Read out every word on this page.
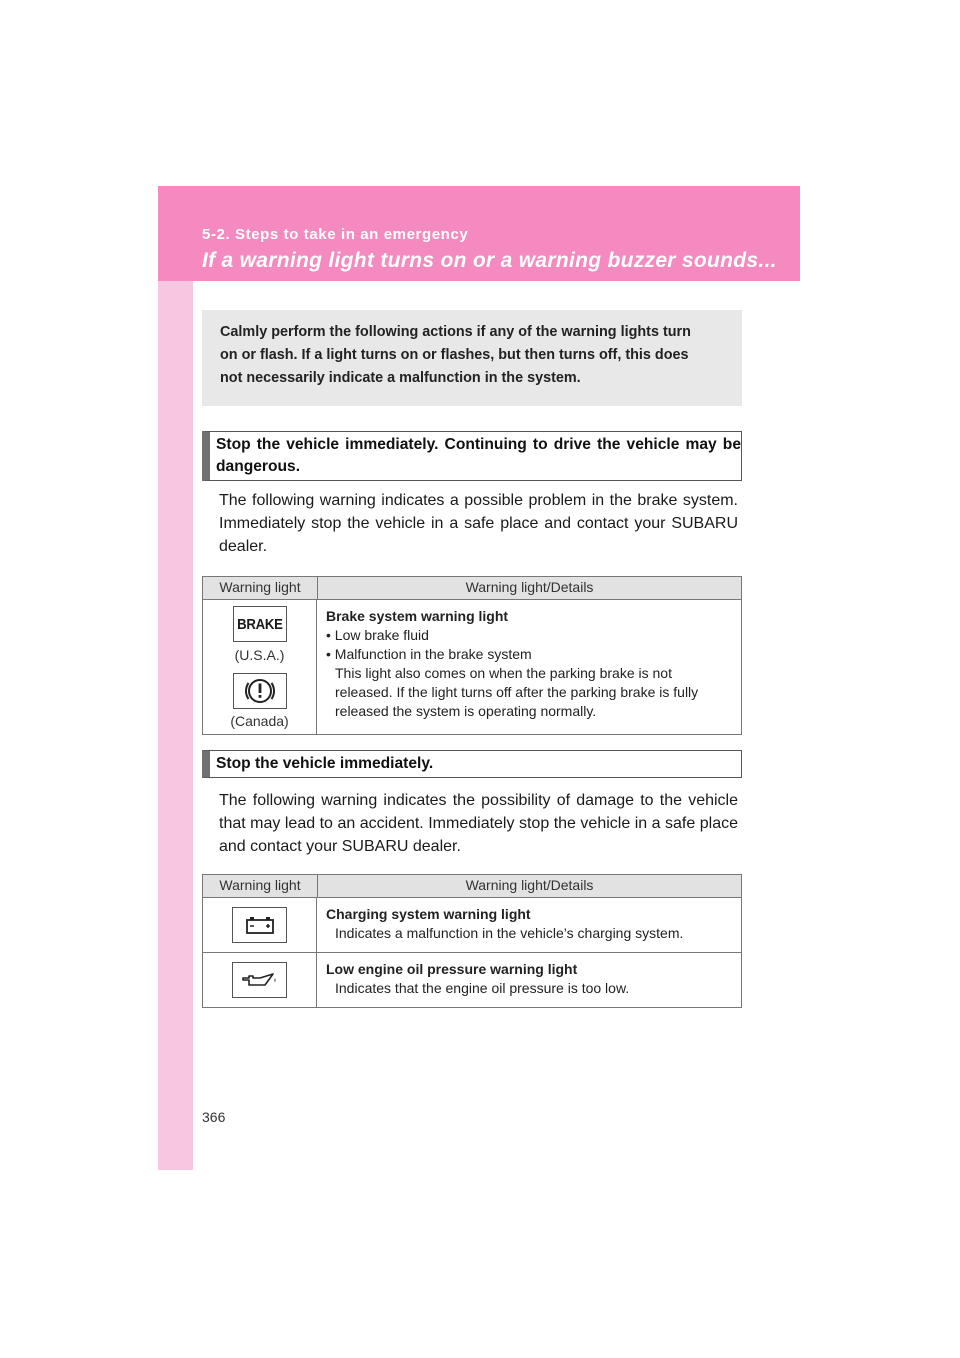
5-2. Steps to take in an emergency
If a warning light turns on or a warning buzzer sounds...

Calmly perform the following actions if any of the warning lights turn

on or flash. If a light turns on or flashes, but then turns off, this does

not necessarily indicate a malfunction in the system.

Stop the vehicle immediately. Continuing to drive the vehicle may be dangerous.

The following warning indicates a possible problem in the brake system. Immediately stop the vehicle in a safe place and contact your SUBARU dealer.

Warning light	Warning light/Details
BRAKE
(U.S.A.)
(Canada)
Brake system warning light
• Low brake fluid
• Malfunction in the brake system
This light also comes on when the parking brake is not
released. If the light turns off after the parking brake is fully
released the system is operating normally.
Stop the vehicle immediately.

The following warning indicates the possibility of damage to the vehicle that may lead to an accident. Immediately stop the vehicle in a safe place and contact your SUBARU dealer.

Warning light	Warning light/Details
Charging system warning light
Indicates a malfunction in the vehicle’s charging system.
Low engine oil pressure warning light
Indicates that the engine oil pressure is too low.
366
